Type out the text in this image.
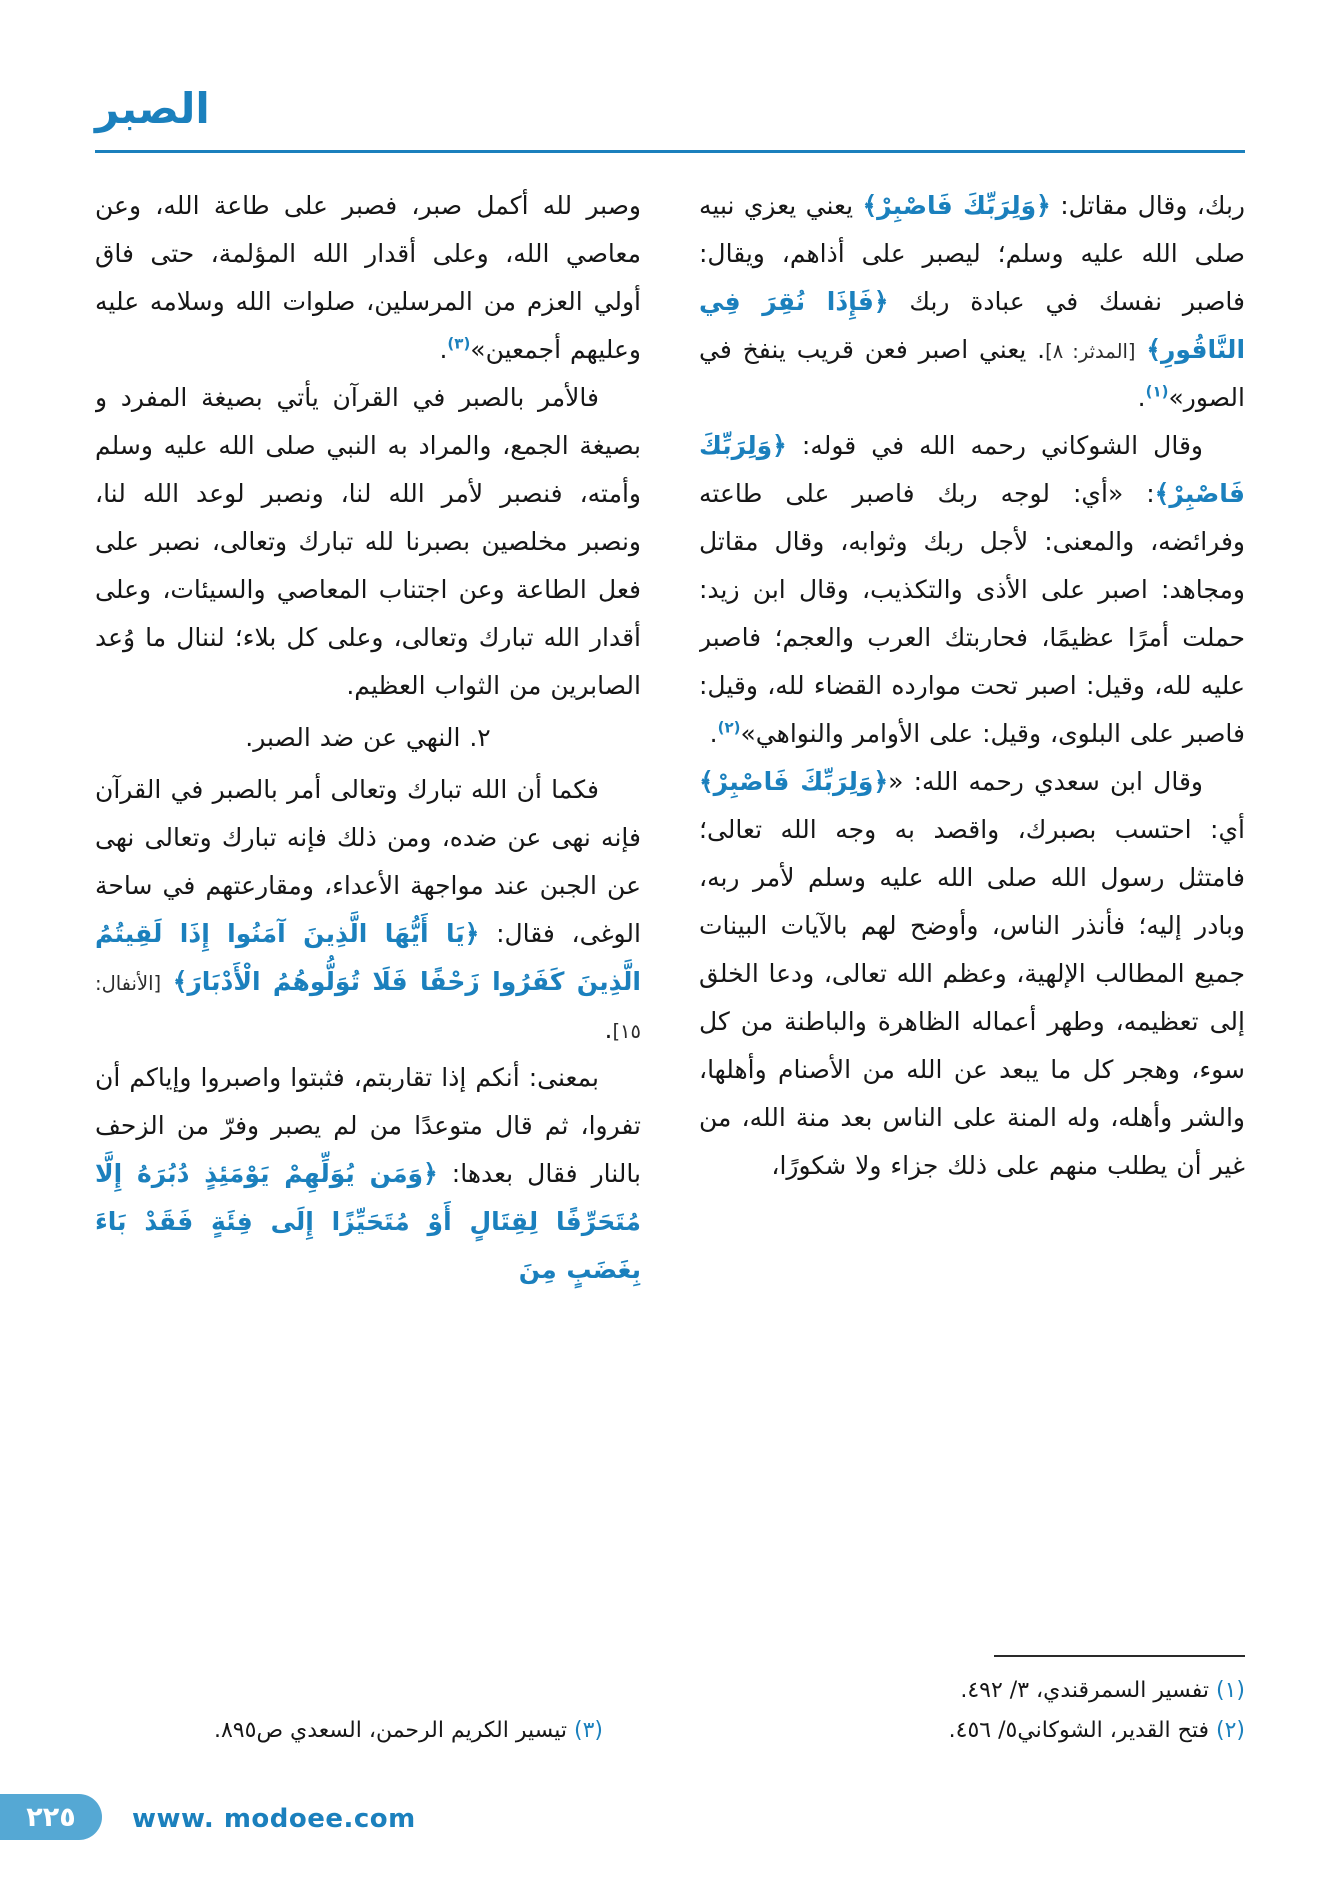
الصبر

ربك، وقال مقاتل: ﴿وَلِرَبِّكَ فَاصْبِرْ﴾ يعني يعزي نبيه صلى الله عليه وسلم؛ ليصبر على أذاهم، ويقال: فاصبر نفسك في عبادة ربك ﴿فَإِذَا نُقِرَ فِي النَّاقُورِ﴾ [المدثر: ٨]. يعني اصبر فعن قريب ينفخ في الصور»$^{(١)}$.

وقال الشوكاني رحمه الله في قوله: ﴿وَلِرَبِّكَ فَاصْبِرْ﴾: «أي: لوجه ربك فاصبر على طاعته وفرائضه، والمعنى: لأجل ربك وثوابه، وقال مقاتل ومجاهد: اصبر على الأذى والتكذيب، وقال ابن زيد: حملت أمرًا عظيمًا، فحاربتك العرب والعجم؛ فاصبر عليه لله، وقيل: اصبر تحت موارده القضاء لله، وقيل: فاصبر على البلوى، وقيل: على الأوامر والنواهي»$^{(٢)}$.

وقال ابن سعدي رحمه الله: «﴿وَلِرَبِّكَ فَاصْبِرْ﴾ أي: احتسب بصبرك، واقصد به وجه الله تعالى؛ فامتثل رسول الله صلى الله عليه وسلم لأمر ربه، وبادر إليه؛ فأنذر الناس، وأوضح لهم بالآيات البينات جميع المطالب الإلهية، وعظم الله تعالى، ودعا الخلق إلى تعظيمه، وطهر أعماله الظاهرة والباطنة من كل سوء، وهجر كل ما يبعد عن الله من الأصنام وأهلها، والشر وأهله، وله المنة على الناس بعد منة الله، من غير أن يطلب منهم على ذلك جزاء ولا شكورًا،

(١) تفسير السمرقندي، ٣/ ٤٩٢.
(٢) فتح القدير، الشوكاني٥/ ٤٥٦.

وصبر لله أكمل صبر، فصبر على طاعة الله، وعن معاصي الله، وعلى أقدار الله المؤلمة، حتى فاق أولي العزم من المرسلين، صلوات الله وسلامه عليه وعليهم أجمعين»$^{(٣)}$.

فالأمر بالصبر في القرآن يأتي بصيغة المفرد و بصيغة الجمع، والمراد به النبي صلى الله عليه وسلم وأمته، فنصبر لأمر الله لنا، ونصبر لوعد الله لنا، ونصبر مخلصين بصبرنا لله تبارك وتعالى، نصبر على فعل الطاعة وعن اجتناب المعاصي والسيئات، وعلى أقدار الله تبارك وتعالى، وعلى كل بلاء؛ لننال ما وُعد الصابرين من الثواب العظيم.

٢. النهي عن ضد الصبر.

فكما أن الله تبارك وتعالى أمر بالصبر في القرآن فإنه نهى عن ضده، ومن ذلك فإنه تبارك وتعالى نهى عن الجبن عند مواجهة الأعداء، ومقارعتهم في ساحة الوغى، فقال: ﴿يَا أَيُّهَا الَّذِينَ آمَنُوا إِذَا لَقِيتُمُ الَّذِينَ كَفَرُوا زَحْفًا فَلَا تُوَلُّوهُمُ الْأَدْبَارَ﴾ [الأنفال: ١٥].

بمعنى: أنكم إذا تقاربتم، فثبتوا واصبروا وإياكم أن تفروا، ثم قال متوعدًا من لم يصبر وفرّ من الزحف بالنار فقال بعدها: ﴿وَمَن يُوَلِّهِمْ يَوْمَئِذٍ دُبُرَهُ إِلَّا مُتَحَرِّفًا لِقِتَالٍ أَوْ مُتَحَيِّزًا إِلَى فِئَةٍ فَقَدْ بَاءَ بِغَضَبٍ مِنَ

(٣) تيسير الكريم الرحمن، السعدي ص٨٩٥.
٢٢٥ www. modoee.com
